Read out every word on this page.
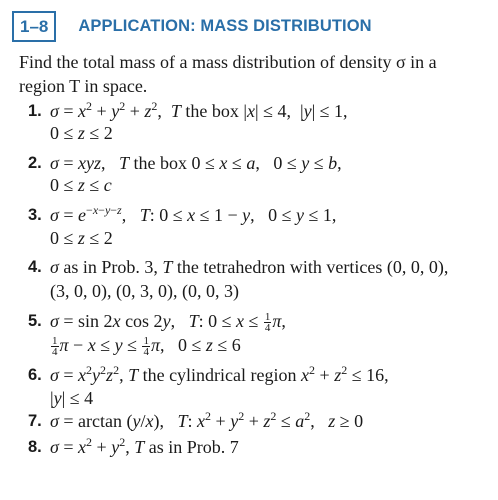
1–8	APPLICATION: MASS DISTRIBUTION
Find the total mass of a mass distribution of density σ in a region T in space.
1. $\sigma = x^2 + y^2 + z^2$,  T the box |x| ≤ 4,  |y| ≤ 1,
0 ≤ z ≤ 2
2. σ = xyz,   T the box 0 ≤ x ≤ a,   0 ≤ y ≤ b,
0 ≤ z ≤ c
3. $\sigma = e^{-x-y-z}$,   T: 0 ≤ x ≤ 1 − y,   0 ≤ y ≤ 1,
0 ≤ z ≤ 2
4. σ as in Prob. 3, T the tetrahedron with vertices (0, 0, 0),
(3, 0, 0), (0, 3, 0), (0, 0, 3)
5. σ = sin 2x cos 2y,   T: $0 \le x \le \frac{1}{4} \pi$,
$\frac{1}{4}$ $\pi - x \le y \le \frac{1}{4} \pi$,   0 ≤ z ≤ 6
6. $\sigma = x^2y^2z^2$, T the cylindrical region $x^2 + z^2 \le 16$,
|y| ≤ 4
7. σ = arctan (y/x),   T: $x^2 + y^2 + z^2 \le a^2$,   z ≥ 0
8. $\sigma = x^2 + y^2$, T as in Prob. 7
